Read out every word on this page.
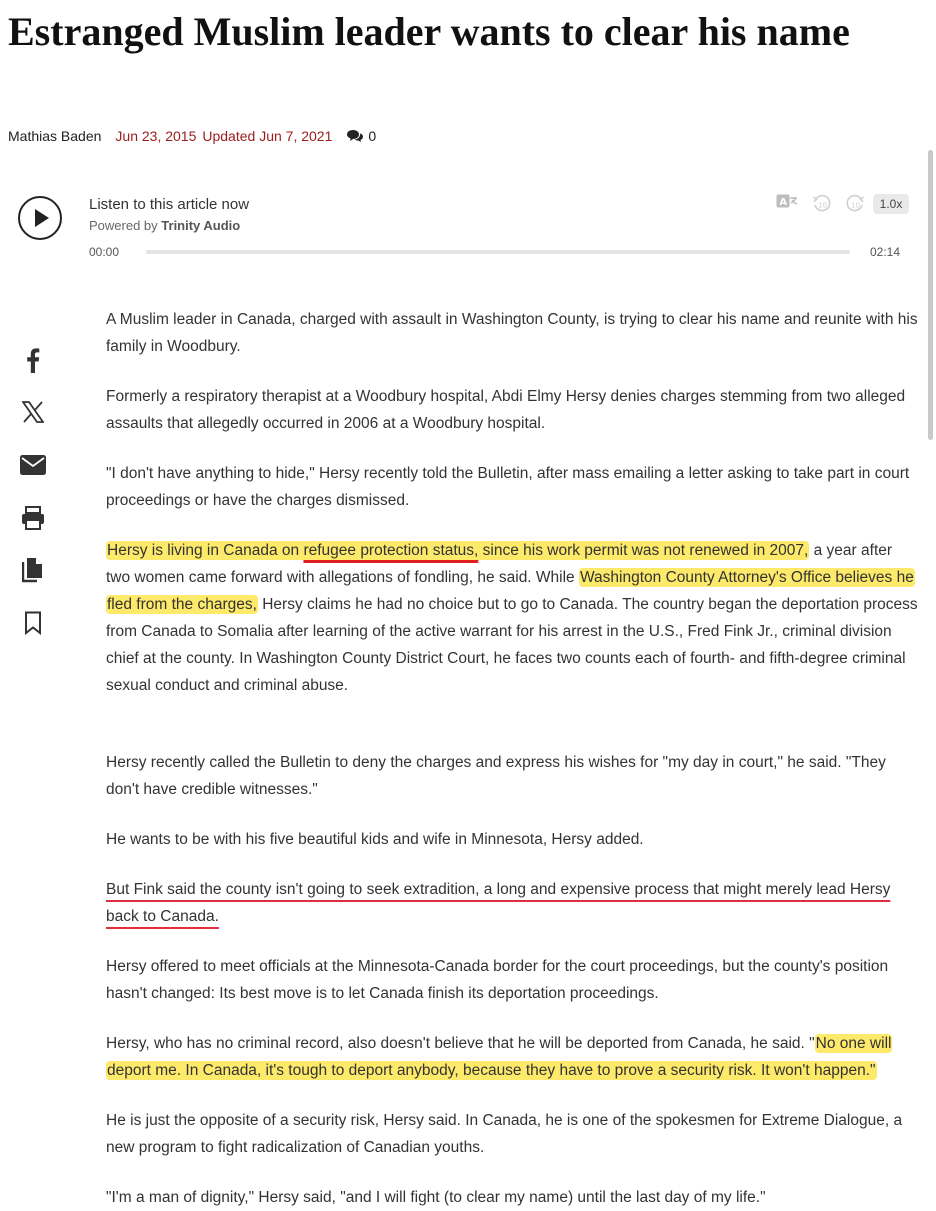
Estranged Muslim leader wants to clear his name
Mathias Baden Jun 23, 2015 Updated Jun 7, 2021	0
Listen to this article now
Powered by Trinity Audio
A	10	10	1.0x
00:00	02:14

A Muslim leader in Canada, charged with assault in Washington County, is trying to clear his name and reunite with his family in Woodbury.

Formerly a respiratory therapist at a Woodbury hospital, Abdi Elmy Hersy denies charges stemming from two alleged assaults that allegedly occurred in 2006 at a Woodbury hospital.

"I don't have anything to hide," Hersy recently told the Bulletin, after mass emailing a letter asking to take part in court proceedings or have the charges dismissed.

Hersy is living in Canada on refugee protection status, since his work permit was not renewed in 2007, a year after two women came forward with allegations of fondling, he said. While Washington County Attorney's Office believes he fled from the charges, Hersy claims he had no choice but to go to Canada. The country began the deportation process from Canada to Somalia after learning of the active warrant for his arrest in the U.S., Fred Fink Jr., criminal division chief at the county. In Washington County District Court, he faces two counts each of fourth- and fifth-degree criminal sexual conduct and criminal abuse.

Hersy recently called the Bulletin to deny the charges and express his wishes for "my day in court," he said. "They don't have credible witnesses."

He wants to be with his five beautiful kids and wife in Minnesota, Hersy added.

But Fink said the county isn't going to seek extradition, a long and expensive process that might merely lead Hersy back to Canada.

Hersy offered to meet officials at the Minnesota-Canada border for the court proceedings, but the county's position hasn't changed: Its best move is to let Canada finish its deportation proceedings.

Hersy, who has no criminal record, also doesn't believe that he will be deported from Canada, he said. "No one will deport me. In Canada, it's tough to deport anybody, because they have to prove a security risk. It won't happen."

He is just the opposite of a security risk, Hersy said. In Canada, he is one of the spokesmen for Extreme Dialogue, a new program to fight radicalization of Canadian youths.

"I'm a man of dignity," Hersy said, "and I will fight (to clear my name) until the last day of my life."
